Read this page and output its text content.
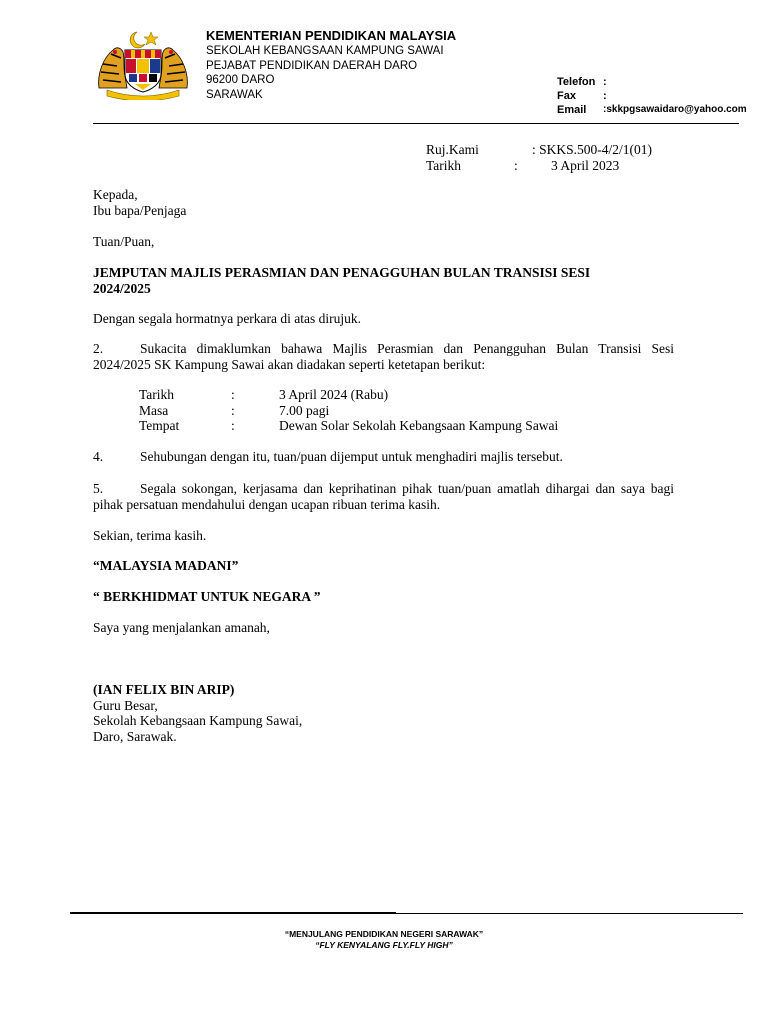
KEMENTERIAN PENDIDIKAN MALAYSIA
SEKOLAH KEBANGSAAN KAMPUNG SAWAI
PEJABAT PENDIDIKAN DAERAH DARO
96200 DARO
SARAWAK
Telefon :
Fax	:
Email	:skkpgsawaidaro@yahoo.com
Ruj.Kami	: SKKS.500-4/2/1(01)
Tarikh	:	3 April 2023
Kepada,
Ibu bapa/Penjaga
Tuan/Puan,
JEMPUTAN MAJLIS PERASMIAN DAN PENAGGUHAN BULAN TRANSISI SESI
2024/2025
Dengan segala hormatnya perkara di atas dirujuk.
2.	Sukacita dimaklumkan bahawa Majlis Perasmian dan Penangguhan Bulan Transisi Sesi
2024/2025 SK Kampung Sawai akan diadakan seperti ketetapan berikut:
Tarikh	:	3 April 2024 (Rabu)
Masa	:	7.00 pagi
Tempat	:	Dewan Solar Sekolah Kebangsaan Kampung Sawai
4.	Sehubungan dengan itu, tuan/puan dijemput untuk menghadiri majlis tersebut.
5.	Segala sokongan, kerjasama dan keprihatinan pihak tuan/puan amatlah dihargai dan saya bagi
pihak persatuan mendahului dengan ucapan ribuan terima kasih.
Sekian, terima kasih.
“MALAYSIA MADANI”
“ BERKHIDMAT UNTUK NEGARA ”
Saya yang menjalankan amanah,
(IAN FELIX BIN ARIP)
Guru Besar,
Sekolah Kebangsaan Kampung Sawai,
Daro, Sarawak.
“MENJULANG PENDIDIKAN NEGERI SARAWAK”
“FLY KENYALANG FLY.FLY HIGH”
